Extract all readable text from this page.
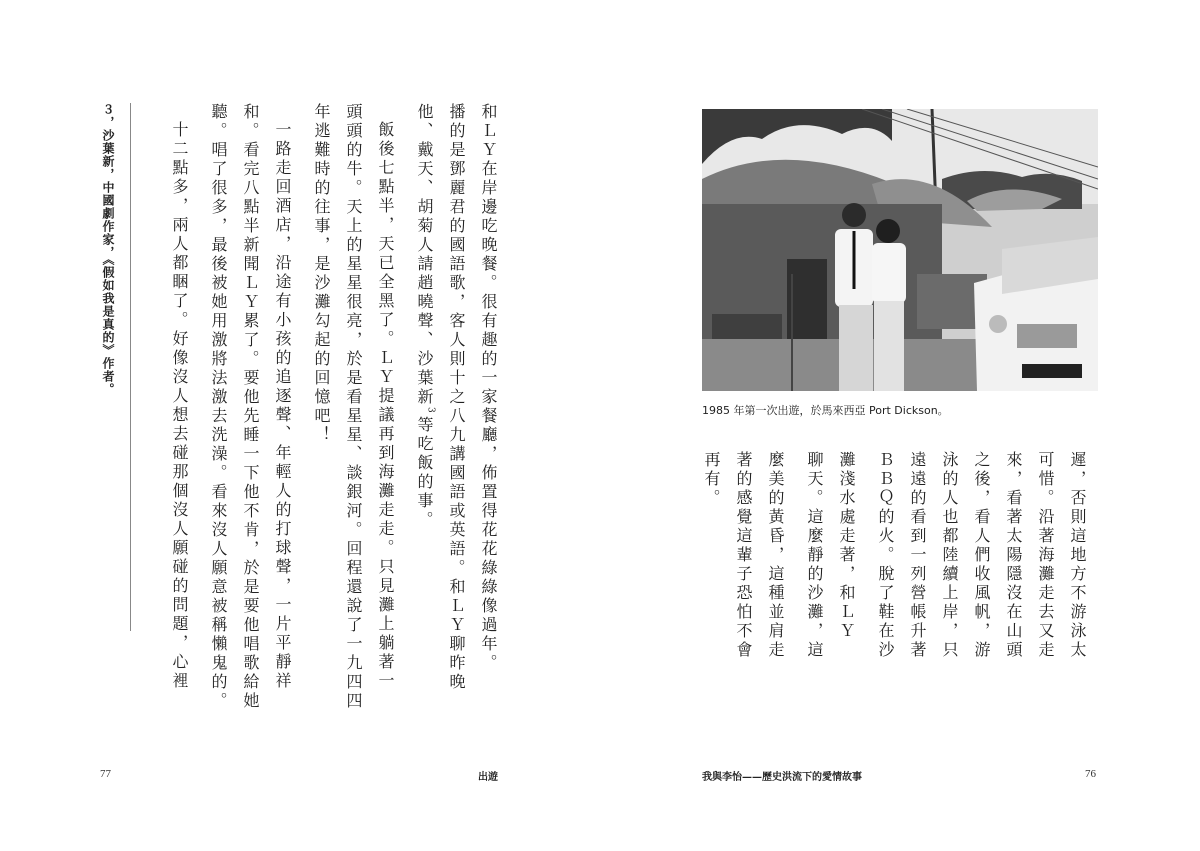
和ＬＹ在岸邊吃晚餐。很有趣的一家餐廳，佈置得花花綠綠像過年。
播的是鄧麗君的國語歌，客人則十之八九講國語或英語。和ＬＹ聊昨晚
他、戴天、胡菊人請趙曉聲、沙葉新$^3$等吃飯的事。
飯後七點半，天已全黑了。ＬＹ提議再到海灘走走。只見灘上躺著一
頭頭的牛。天上的星星很亮，於是看星星、談銀河。回程還說了一九四四
年逃難時的往事，是沙灘勾起的回憶吧！
一路走回酒店，沿途有小孩的追逐聲、年輕人的打球聲，一片平靜祥
和。看完八點半新聞ＬＹ累了。要他先睡一下他不肯，於是要他唱歌給她
聽。唱了很多，最後被她用激將法激去洗澡。看來沒人願意被稱懶鬼的。
十二點多，兩人都睏了。好像沒人想去碰那個沒人願碰的問題，心裡
３，沙葉新，中國劇作家，《假如我是真的》作者。
77	出遊
1985 年第一次出遊，於馬來西亞 Port Dickson。
遲，否則這地方不游泳太
可惜。沿著海灘走去又走
來，看著太陽隱沒在山頭
之後，看人們收風帆，游
泳的人也都陸續上岸，只
遠遠的看到一列營帳升著
ＢＢＱ的火。脫了鞋在沙
灘淺水處走著，和ＬＹ
聊天。這麼靜的沙灘，這
麼美的黃昏，這種並肩走
著的感覺這輩子恐怕不會
再有。
我與李怡——歷史洪流下的愛情故事	76
